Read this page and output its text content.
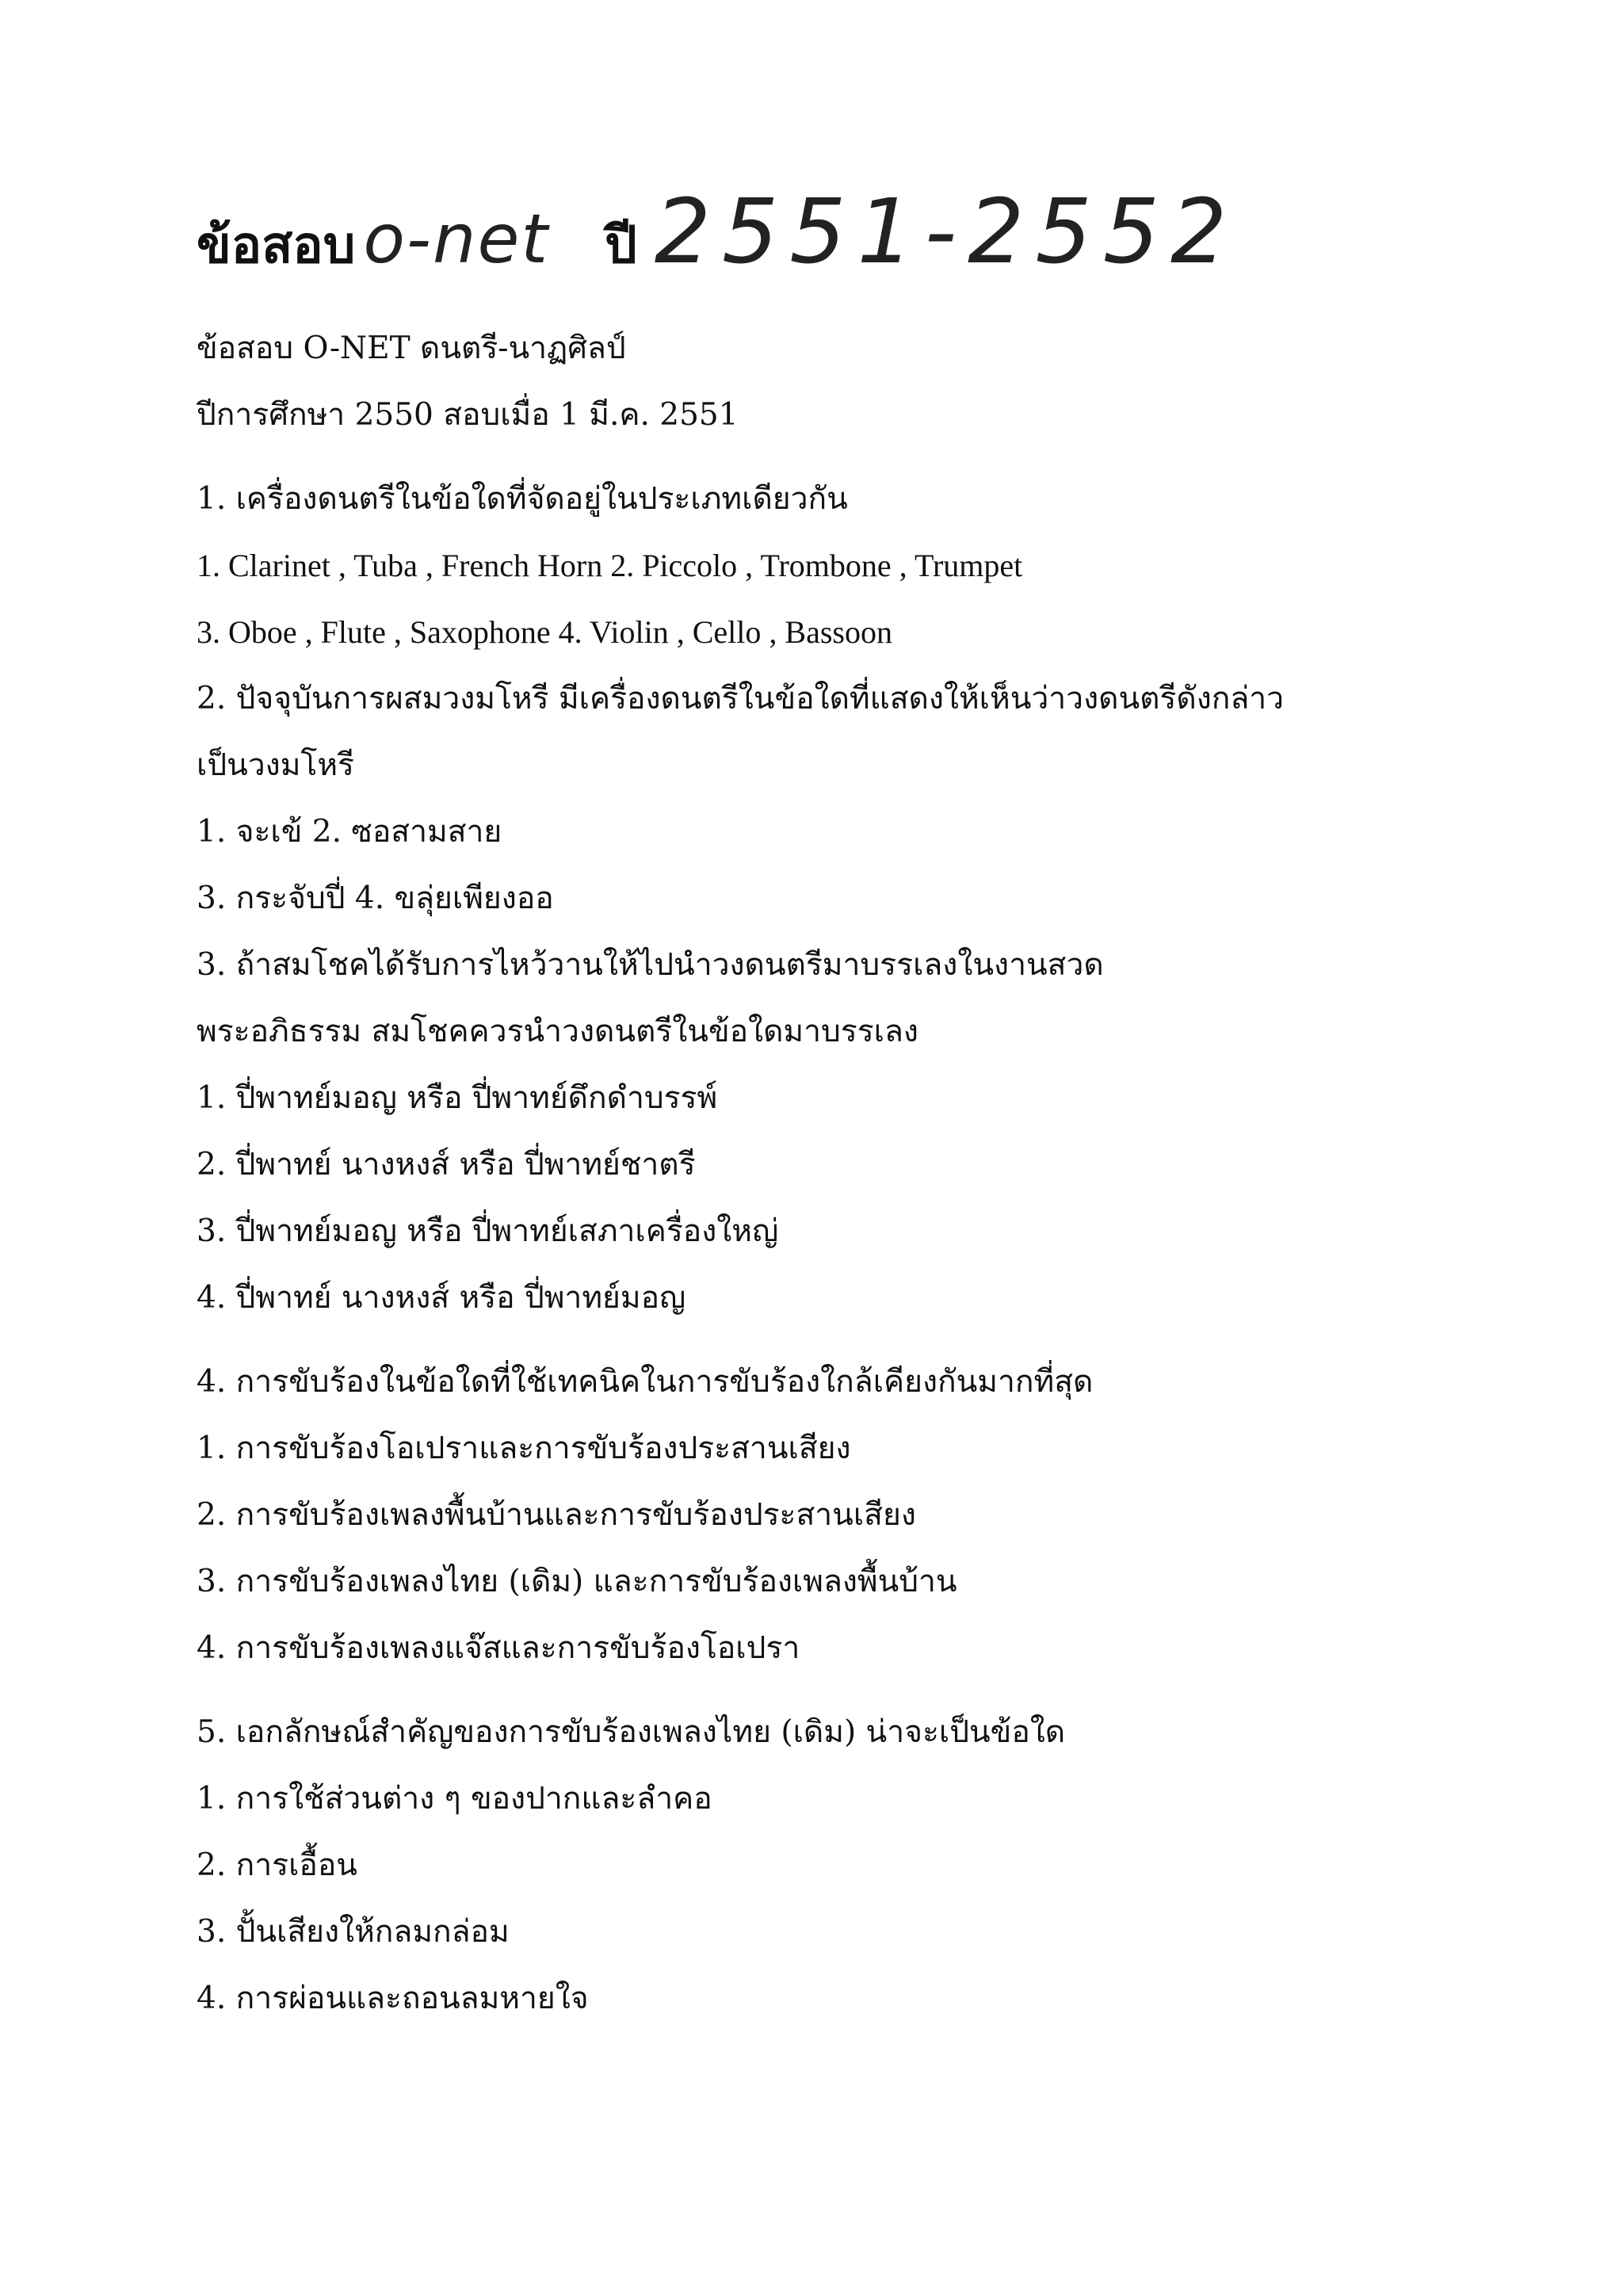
ข้อสอบ o-net ปี 2551-2552
ข้อสอบ O-NET ดนตรี-นาฏศิลป์
ปีการศึกษา 2550 สอบเมื่อ 1 มี.ค. 2551
1. เครื่องดนตรีในข้อใดที่จัดอยู่ในประเภทเดียวกัน
1. Clarinet , Tuba , French Horn 2. Piccolo , Trombone , Trumpet
3. Oboe , Flute , Saxophone 4. Violin , Cello , Bassoon
2. ปัจจุบันการผสมวงมโหรี มีเครื่องดนตรีในข้อใดที่แสดงให้เห็นว่าวงดนตรีดังกล่าว
เป็นวงมโหรี
1. จะเข้ 2. ซอสามสาย
3. กระจับปี่ 4. ขลุ่ยเพียงออ
3. ถ้าสมโชคได้รับการไหว้วานให้ไปนำวงดนตรีมาบรรเลงในงานสวด
พระอภิธรรม สมโชคควรนำวงดนตรีในข้อใดมาบรรเลง
1. ปี่พาทย์มอญ หรือ ปี่พาทย์ดึกดำบรรพ์
2. ปี่พาทย์ นางหงส์ หรือ ปี่พาทย์ชาตรี
3. ปี่พาทย์มอญ หรือ ปี่พาทย์เสภาเครื่องใหญ่
4. ปี่พาทย์ นางหงส์ หรือ ปี่พาทย์มอญ
4. การขับร้องในข้อใดที่ใช้เทคนิคในการขับร้องใกล้เคียงกันมากที่สุด
1. การขับร้องโอเปราและการขับร้องประสานเสียง
2. การขับร้องเพลงพื้นบ้านและการขับร้องประสานเสียง
3. การขับร้องเพลงไทย (เดิม) และการขับร้องเพลงพื้นบ้าน
4. การขับร้องเพลงแจ๊สและการขับร้องโอเปรา
5. เอกลักษณ์สำคัญของการขับร้องเพลงไทย (เดิม) น่าจะเป็นข้อใด
1. การใช้ส่วนต่าง ๆ ของปากและลำคอ
2. การเอื้อน
3. ปั้นเสียงให้กลมกล่อม
4. การผ่อนและถอนลมหายใจ
